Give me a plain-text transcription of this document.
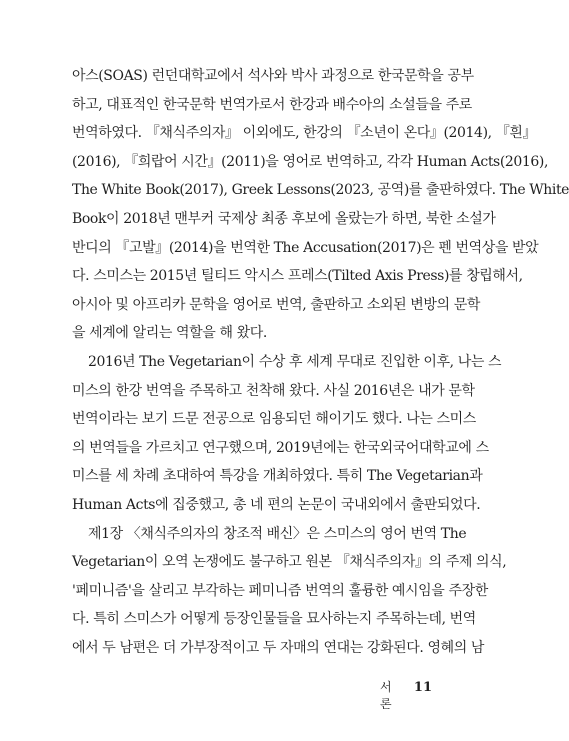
아스(SOAS) 런던대학교에서 석사와 박사 과정으로 한국문학을 공부
하고, 대표적인 한국문학 번역가로서 한강과 배수아의 소설들을 주로
번역하였다. 『채식주의자』 이외에도, 한강의 『소년이 온다』(2014), 『흰』
(2016), 『희랍어 시간』(2011)을 영어로 번역하고, 각각 Human Acts(2016),
The White Book(2017), Greek Lessons(2023, 공역)를 출판하였다. The White
Book이 2018년 맨부커 국제상 최종 후보에 올랐는가 하면, 북한 소설가
반디의 『고발』(2014)을 번역한 The Accusation(2017)은 펜 번역상을 받았
다. 스미스는 2015년 틸티드 악시스 프레스(Tilted Axis Press)를 창립해서,
아시아 및 아프리카 문학을 영어로 번역, 출판하고 소외된 변방의 문학
을 세계에 알리는 역할을 해 왔다.
2016년 The Vegetarian이 수상 후 세계 무대로 진입한 이후, 나는 스
미스의 한강 번역을 주목하고 천착해 왔다. 사실 2016년은 내가 문학
번역이라는 보기 드문 전공으로 임용되던 해이기도 했다. 나는 스미스
의 번역들을 가르치고 연구했으며, 2019년에는 한국외국어대학교에 스
미스를 세 차례 초대하여 특강을 개최하였다. 특히 The Vegetarian과
Human Acts에 집중했고, 총 네 편의 논문이 국내외에서 출판되었다.
제1장 〈채식주의자의 창조적 배신〉은 스미스의 영어 번역 The
Vegetarian이 오역 논쟁에도 불구하고 원본 『채식주의자』의 주제 의식,
'페미니즘'을 살리고 부각하는 페미니즘 번역의 훌륭한 예시임을 주장한
다. 특히 스미스가 어떻게 등장인물들을 묘사하는지 주목하는데, 번역
에서 두 남편은 더 가부장적이고 두 자매의 연대는 강화된다. 영혜의 남
서론
11
